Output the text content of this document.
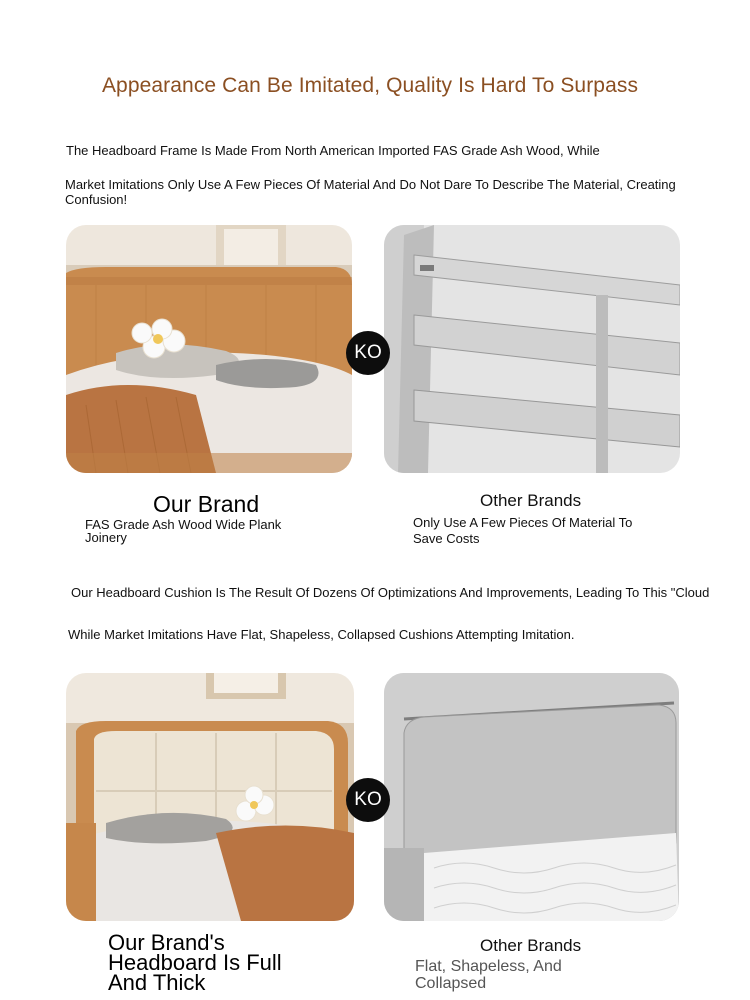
Appearance Can Be Imitated, Quality Is Hard To Surpass
The Headboard Frame Is Made From North American Imported FAS Grade Ash Wood, While
Market Imitations Only Use A Few Pieces Of Material And Do Not Dare To Describe The Material, Creating Confusion!
KO
Our Brand
FAS Grade Ash Wood Wide Plank Joinery
Other Brands
Only Use A Few Pieces Of Material To Save Costs
Our Headboard Cushion Is The Result Of Dozens Of Optimizations And Improvements, Leading To This "Cloud
While Market Imitations Have Flat, Shapeless, Collapsed Cushions Attempting Imitation.
KO
Our Brand's Headboard Is Full And Thick
Other Brands
Flat, Shapeless, And Collapsed
